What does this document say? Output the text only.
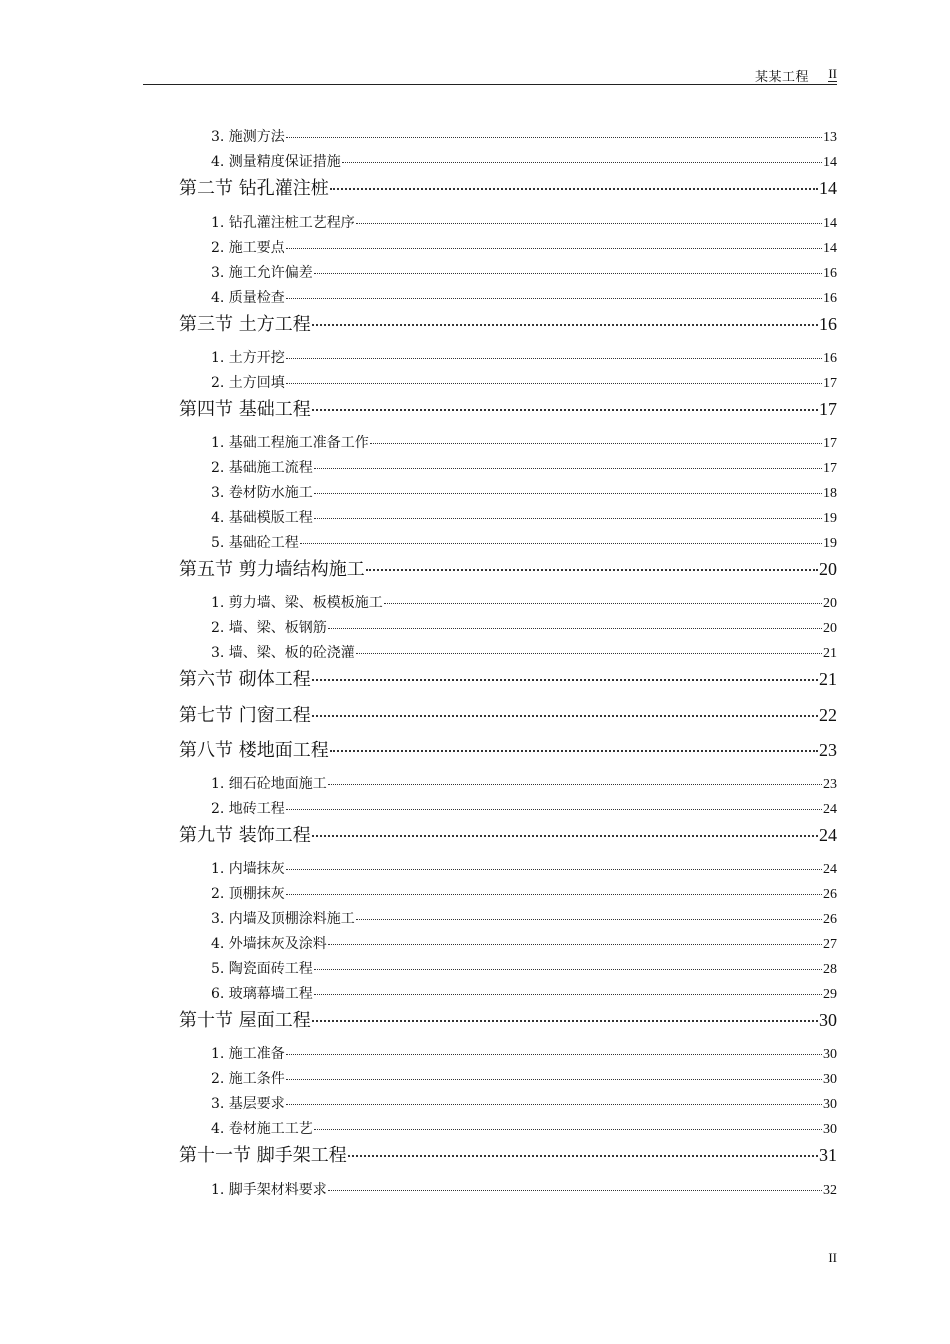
某某工程 II
3. 施测方法	13
4. 测量精度保证措施	14
第二节 钻孔灌注桩	14
1. 钻孔灌注桩工艺程序	14
2. 施工要点	14
3. 施工允许偏差	16
4. 质量检查	16
第三节 土方工程	16
1. 土方开挖	16
2. 土方回填	17
第四节 基础工程	17
1. 基础工程施工准备工作	17
2. 基础施工流程	17
3. 卷材防水施工	18
4. 基础模版工程	19
5. 基础砼工程	19
第五节 剪力墙结构施工	20
1. 剪力墙、梁、板模板施工	20
2. 墙、梁、板钢筋	20
3. 墙、梁、板的砼浇灌	21
第六节 砌体工程	21
第七节 门窗工程	22
第八节 楼地面工程	23
1. 细石砼地面施工	23
2. 地砖工程	24
第九节 装饰工程	24
1. 内墙抹灰	24
2. 顶棚抹灰	26
3. 内墙及顶棚涂料施工	26
4. 外墙抹灰及涂料	27
5. 陶瓷面砖工程	28
6. 玻璃幕墙工程	29
第十节 屋面工程	30
1. 施工准备	30
2. 施工条件	30
3. 基层要求	30
4. 卷材施工工艺	30
第十一节 脚手架工程	31
1. 脚手架材料要求	32
II
